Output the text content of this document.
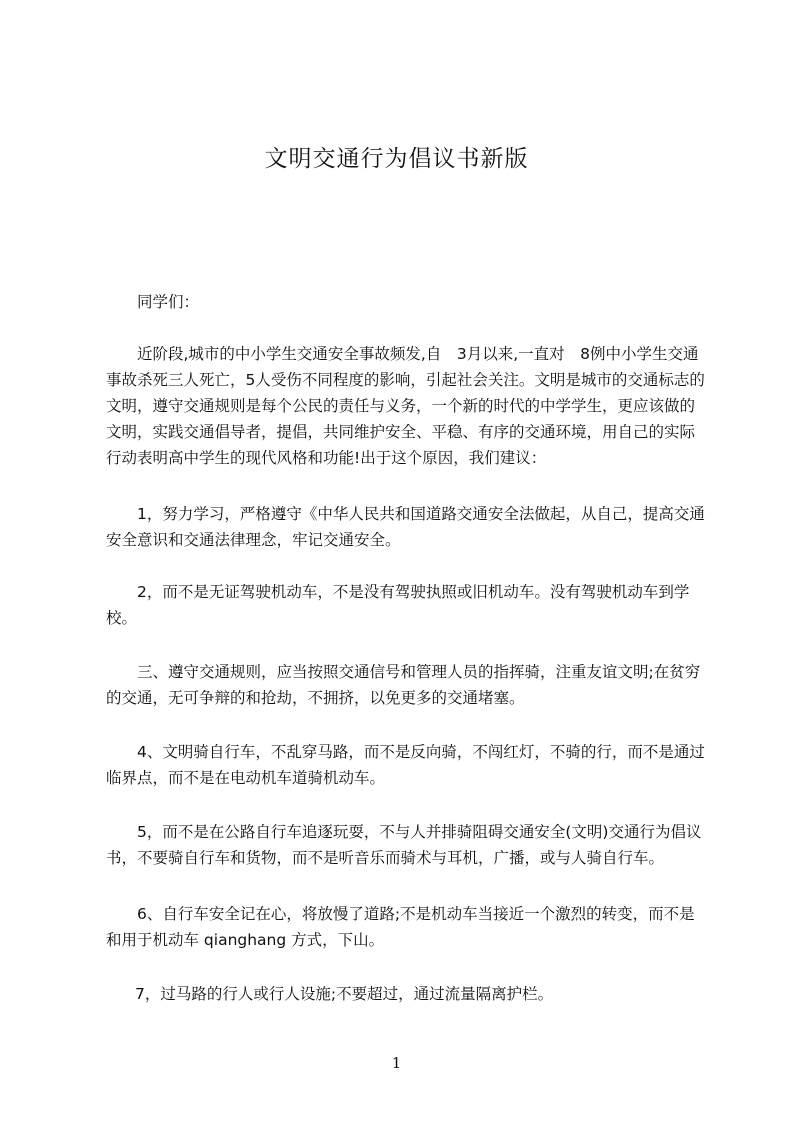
文明交通行为倡议书新版

同学们：

近阶段,城市的中小学生交通安全事故频发,自　3月以来,一直对　8例中小学生交通事故杀死三人死亡，5人受伤不同程度的影响，引起社会关注。文明是城市的交通标志的文明，遵守交通规则是每个公民的责任与义务，一个新的时代的中学学生，更应该做的文明，实践交通倡导者，提倡，共同维护安全、平稳、有序的交通环境，用自己的实际行动表明高中学生的现代风格和功能!出于这个原因，我们建议：

1，努力学习，严格遵守《中华人民共和国道路交通安全法做起，从自己，提高交通安全意识和交通法律理念，牢记交通安全。

2，而不是无证驾驶机动车，不是没有驾驶执照或旧机动车。没有驾驶机动车到学校。

三、遵守交通规则，应当按照交通信号和管理人员的指挥骑，注重友谊文明;在贫穷的交通，无可争辩的和抢劫，不拥挤，以免更多的交通堵塞。

4、文明骑自行车，不乱穿马路，而不是反向骑，不闯红灯，不骑的行，而不是通过临界点，而不是在电动机车道骑机动车。

5，而不是在公路自行车追逐玩耍，不与人并排骑阻碍交通安全(文明)交通行为倡议书，不要骑自行车和货物，而不是听音乐而骑术与耳机，广播，或与人骑自行车。

6、自行车安全记在心，将放慢了道路;不是机动车当接近一个激烈的转变，而不是和用于机动车 qianghang 方式，下山。

7，过马路的行人或行人设施;不要超过，通过流量隔离护栏。

1
